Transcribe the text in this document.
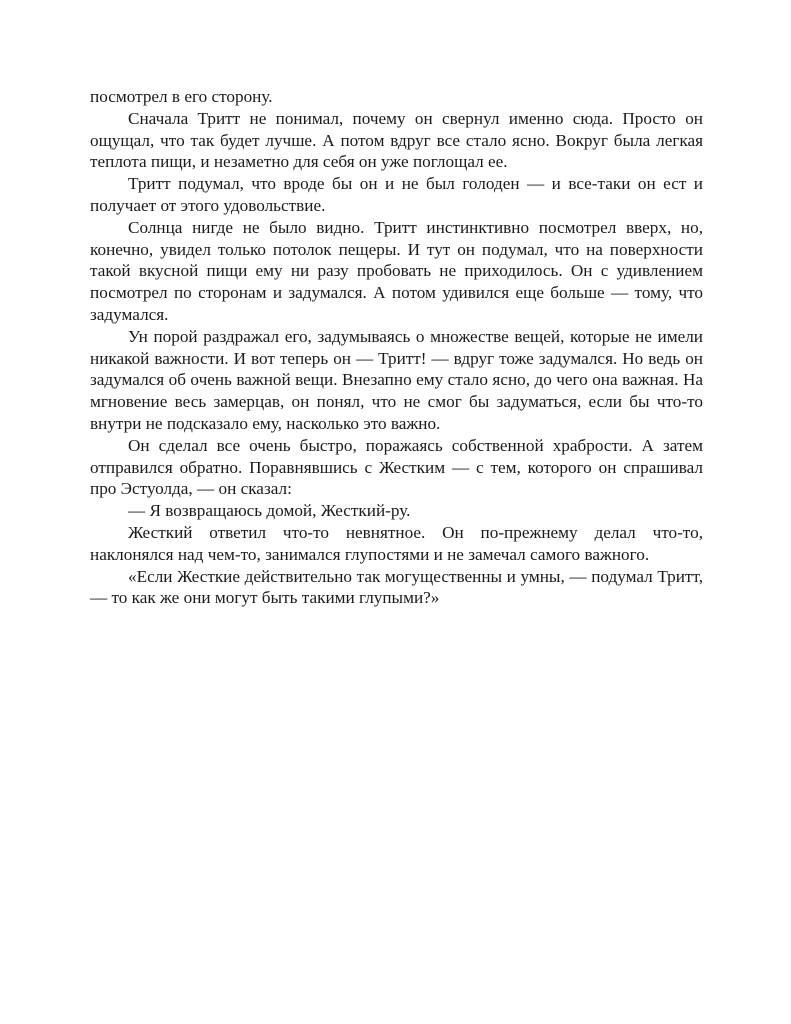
посмотрел в его сторону.

Сначала Тритт не понимал, почему он свернул именно сюда. Просто он ощущал, что так будет лучше. А потом вдруг все стало ясно. Вокруг была легкая теплота пищи, и незаметно для себя он уже поглощал ее.

Тритт подумал, что вроде бы он и не был голоден — и все-таки он ест и получает от этого удовольствие.

Солнца нигде не было видно. Тритт инстинктивно посмотрел вверх, но, конечно, увидел только потолок пещеры. И тут он подумал, что на поверхности такой вкусной пищи ему ни разу пробовать не приходилось. Он с удивлением посмотрел по сторонам и задумался. А потом удивился еще больше — тому, что задумался.

Ун порой раздражал его, задумываясь о множестве вещей, которые не имели никакой важности. И вот теперь он — Тритт! — вдруг тоже задумался. Но ведь он задумался об очень важной вещи. Внезапно ему стало ясно, до чего она важная. На мгновение весь замерцав, он понял, что не смог бы задуматься, если бы что-то внутри не подсказало ему, насколько это важно.

Он сделал все очень быстро, поражаясь собственной храбрости. А затем отправился обратно. Поравнявшись с Жестким — с тем, которого он спрашивал про Эстуолда, — он сказал:

— Я возвращаюсь домой, Жесткий-ру.

Жесткий ответил что-то невнятное. Он по-прежнему делал что-то, наклонялся над чем-то, занимался глупостями и не замечал самого важного.

«Если Жесткие действительно так могущественны и умны, — подумал Тритт, — то как же они могут быть такими глупыми?»
